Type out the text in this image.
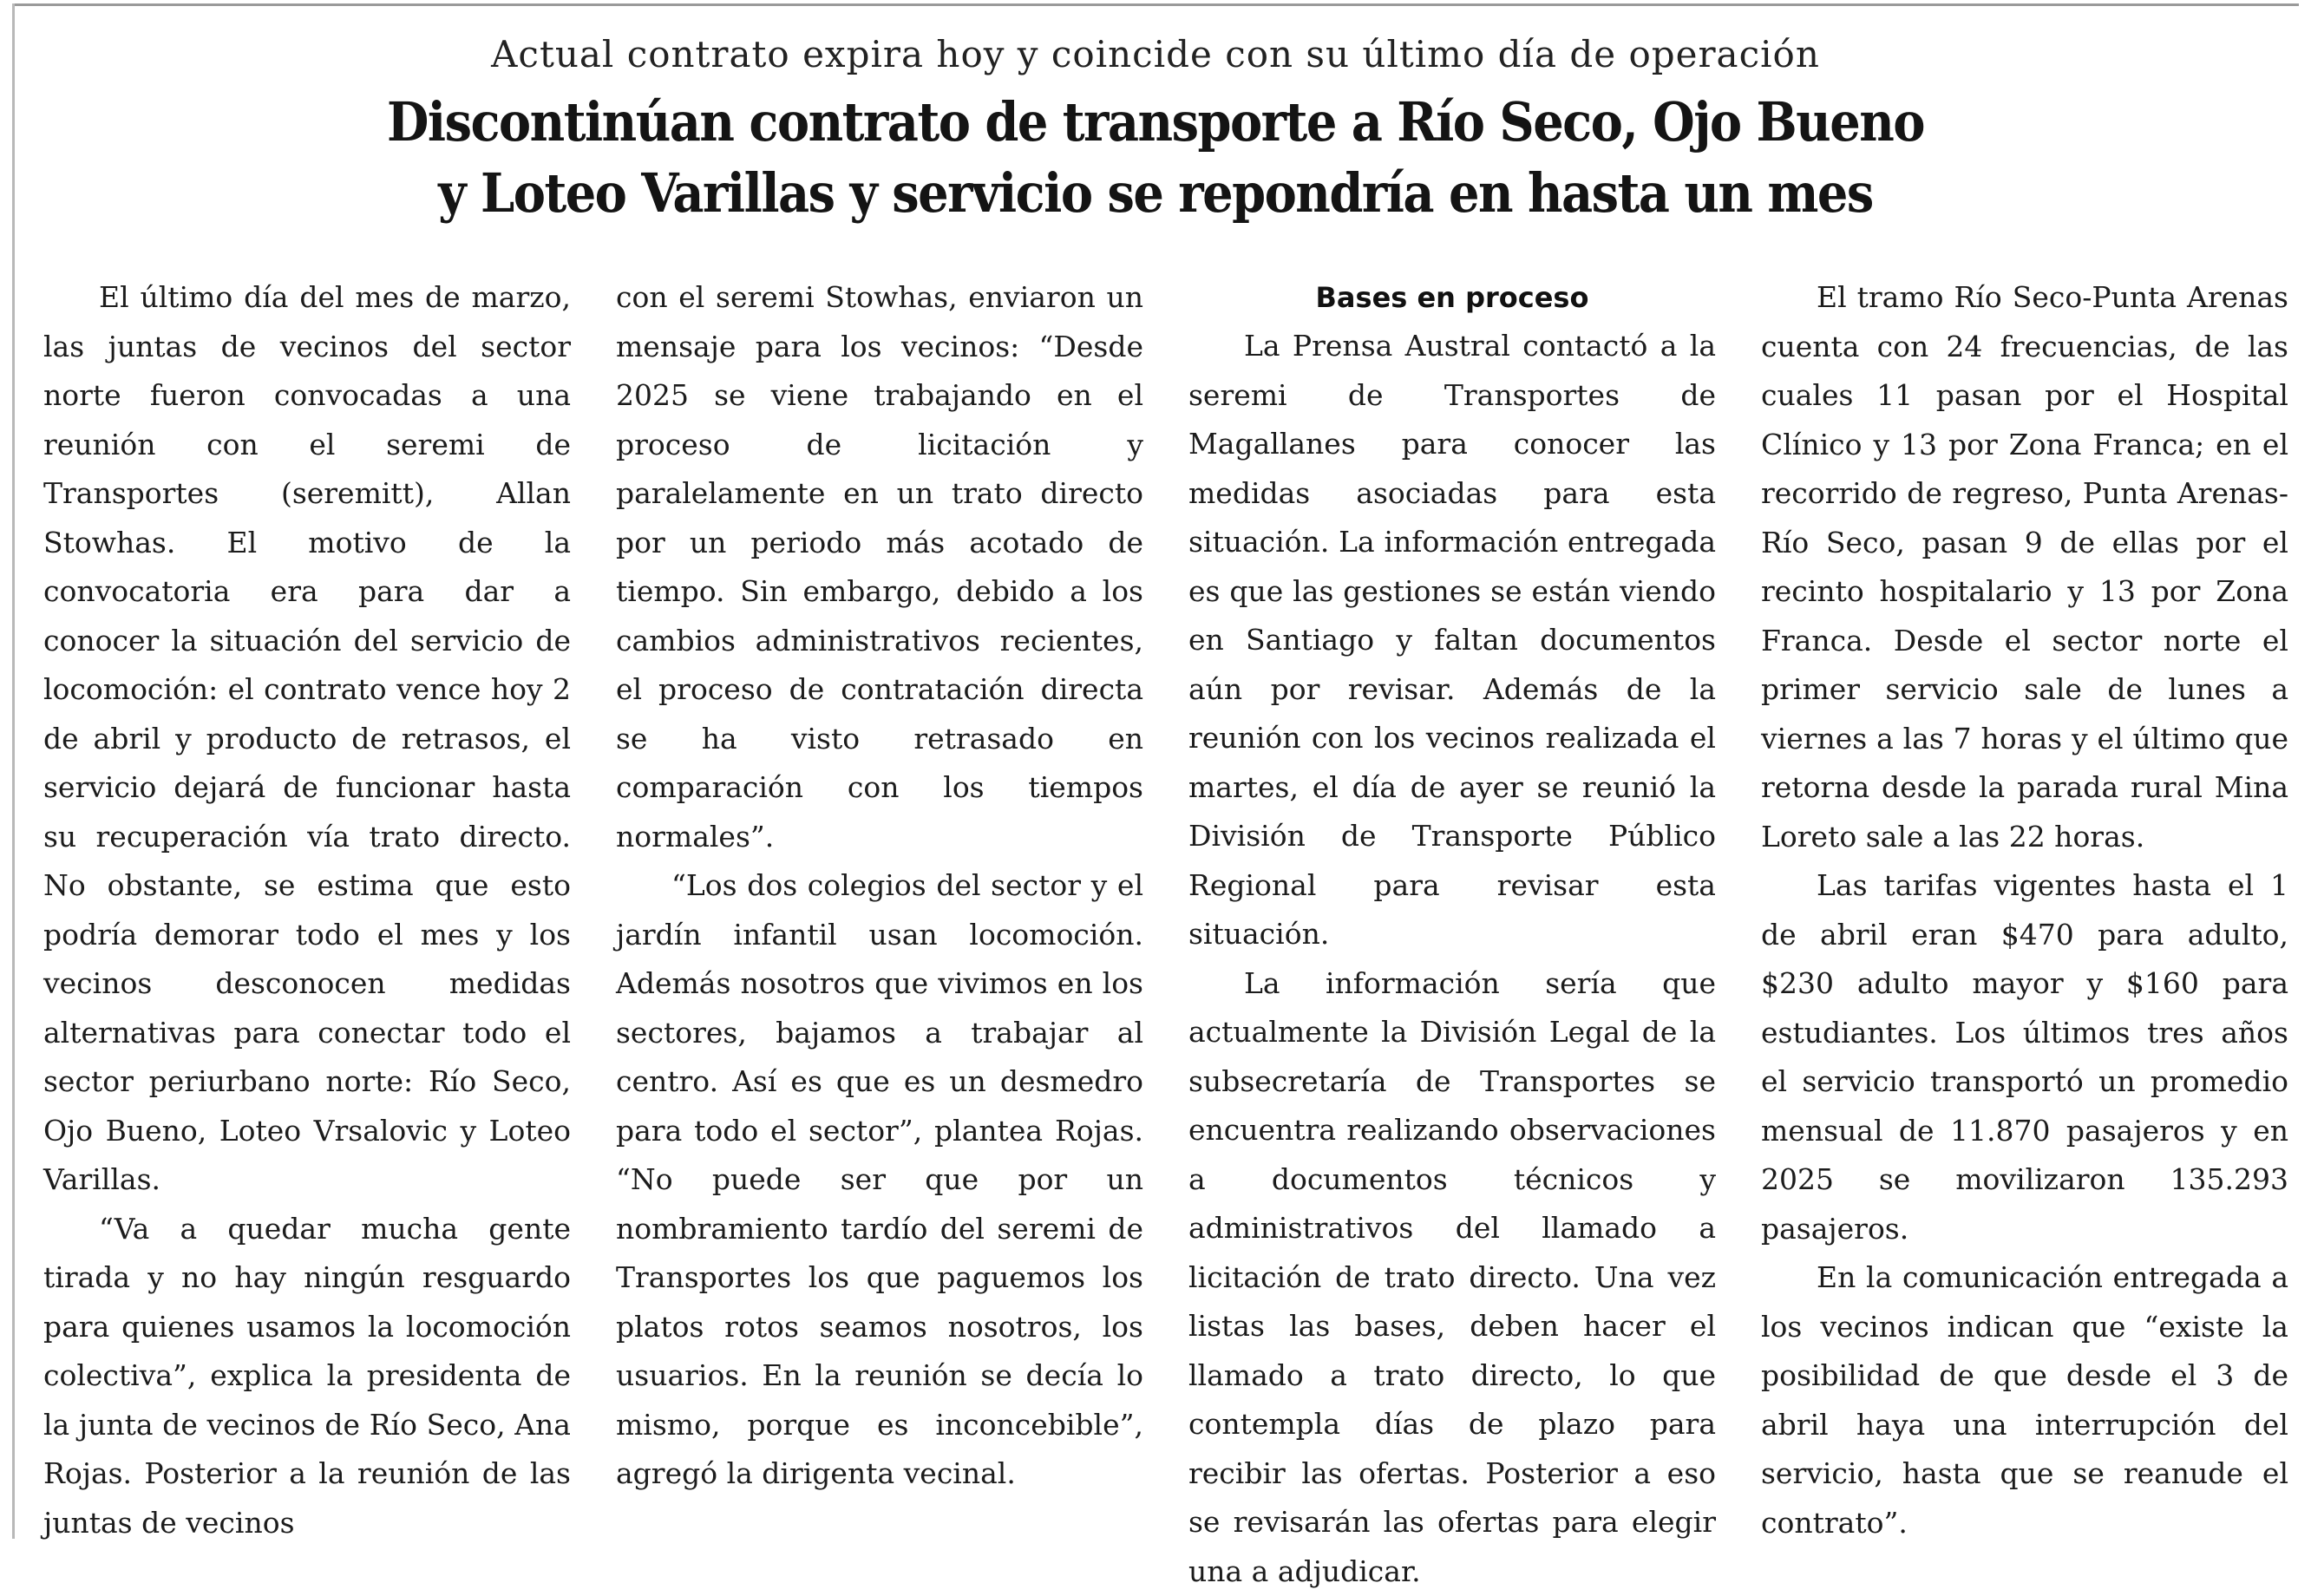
Actual contrato expira hoy y coincide con su último día de operación
Discontinúan contrato de transporte a Río Seco, Ojo Bueno
y Loteo Varillas y servicio se repondría en hasta un mes

El último día del mes de marzo, las juntas de vecinos del sector norte fueron convocadas a una reunión con el seremi de Transportes (seremitt), Allan Stowhas. El motivo de la convocatoria era para dar a conocer la situación del servicio de locomoción: el contrato vence hoy 2 de abril y producto de retrasos, el servicio dejará de funcionar hasta su recuperación vía trato directo. No obstante, se estima que esto podría demorar todo el mes y los vecinos desconocen medidas alternativas para conectar todo el sector periurbano norte: Río Seco, Ojo Bueno, Loteo Vrsalovic y Loteo Varillas.

“Va a quedar mucha gente tirada y no hay ningún resguardo para quienes usamos la locomoción colectiva”, explica la presidenta de la junta de vecinos de Río Seco, Ana Rojas. Posterior a la reunión de las juntas de vecinos

con el seremi Stowhas, enviaron un mensaje para los vecinos: “Desde 2025 se viene trabajando en el proceso de licitación y paralelamente en un trato directo por un periodo más acotado de tiempo. Sin embargo, debido a los cambios administrativos recientes, el proceso de contratación directa se ha visto retrasado en comparación con los tiempos normales”.

“Los dos colegios del sector y el jardín infantil usan locomoción. Además nosotros que vivimos en los sectores, bajamos a trabajar al centro. Así es que es un desmedro para todo el sector”, plantea Rojas. “No puede ser que por un nombramiento tardío del seremi de Transportes los que paguemos los platos rotos seamos nosotros, los usuarios. En la reunión se decía lo mismo, porque es inconcebible”, agregó la dirigenta vecinal.

Bases en proceso

La Prensa Austral contactó a la seremi de Transportes de Magallanes para conocer las medidas asociadas para esta situación. La información entregada es que las gestiones se están viendo en Santiago y faltan documentos aún por revisar. Además de la reunión con los vecinos realizada el martes, el día de ayer se reunió la División de Transporte Público Regional para revisar esta situación.

La información sería que actualmente la División Legal de la subsecretaría de Transportes se encuentra realizando observaciones a documentos técnicos y administrativos del llamado a licitación de trato directo. Una vez listas las bases, deben hacer el llamado a trato directo, lo que contempla días de plazo para recibir las ofertas. Posterior a eso se revisarán las ofertas para elegir una a adjudicar.

El tramo Río Seco-Punta Arenas cuenta con 24 frecuencias, de las cuales 11 pasan por el Hospital Clínico y 13 por Zona Franca; en el recorrido de regreso, Punta Arenas-Río Seco, pasan 9 de ellas por el recinto hospitalario y 13 por Zona Franca. Desde el sector norte el primer servicio sale de lunes a viernes a las 7 horas y el último que retorna desde la parada rural Mina Loreto sale a las 22 horas.

Las tarifas vigentes hasta el 1 de abril eran $470 para adulto, $230 adulto mayor y $160 para estudiantes. Los últimos tres años el servicio transportó un promedio mensual de 11.870 pasajeros y en 2025 se movilizaron 135.293 pasajeros.

En la comunicación entregada a los vecinos indican que “existe la posibilidad de que desde el 3 de abril haya una interrupción del servicio, hasta que se reanude el contrato”.
